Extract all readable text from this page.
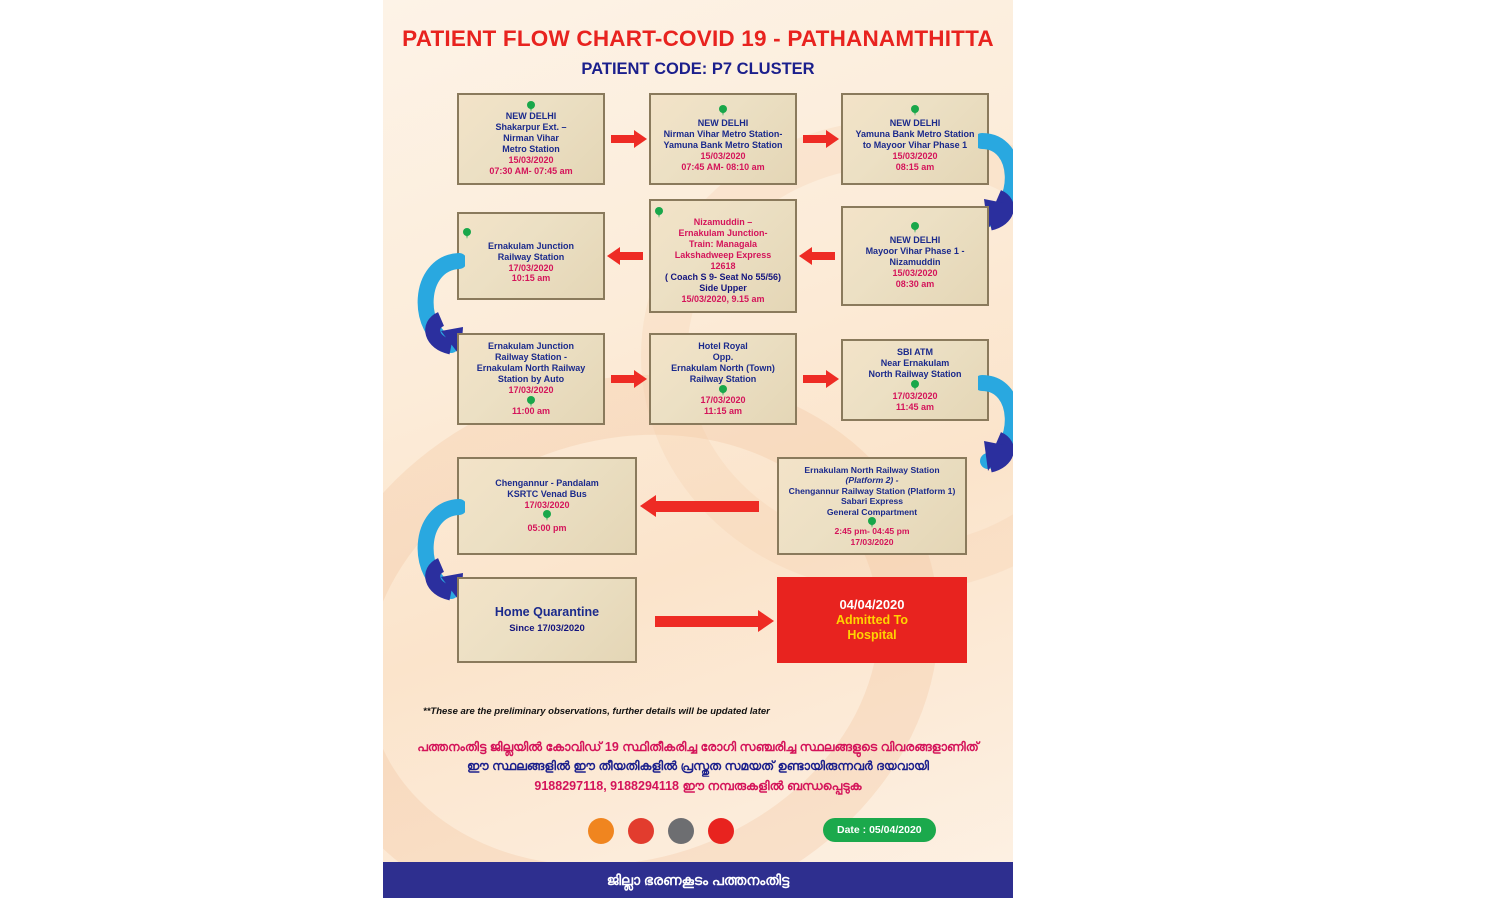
PATIENT FLOW CHART-COVID 19 - PATHANAMTHITTA
PATIENT CODE: P7 CLUSTER
NEW DELHI
Shakarpur Ext. –
Nirman Vihar
Metro Station
15/03/2020
07:30 AM- 07:45 am
NEW DELHI
Nirman Vihar Metro Station-
Yamuna Bank Metro Station
15/03/2020
07:45 AM- 08:10 am
NEW DELHI
Yamuna Bank Metro Station
to Mayoor Vihar Phase 1
15/03/2020
08:15 am
NEW DELHI
Mayoor Vihar Phase 1 -
Nizamuddin
15/03/2020
08:30 am
Nizamuddin –
Ernakulam Junction-
Train: Managala
Lakshadweep Express
12618
( Coach S 9- Seat No 55/56)
Side Upper
15/03/2020, 9.15 am
Ernakulam Junction
Railway Station
17/03/2020
10:15 am
Ernakulam Junction
Railway Station -
Ernakulam North Railway
Station by Auto
17/03/2020
11:00 am
Hotel Royal
Opp.
Ernakulam North (Town)
Railway Station
17/03/2020
11:15 am
SBI ATM
Near Ernakulam
North Railway Station
17/03/2020
11:45 am
Ernakulam North Railway Station
(Platform 2) -
Chengannur Railway Station (Platform 1)
Sabari Express
General Compartment
2:45 pm- 04:45 pm
17/03/2020
Chengannur - Pandalam
KSRTC Venad Bus
17/03/2020
05:00 pm
Home Quarantine
Since 17/03/2020
04/04/2020
Admitted To
Hospital
**These are the preliminary observations, further details will be updated later
പത്തനംതിട്ട ജില്ലയിൽ കോവിഡ് 19 സ്ഥിതീകരിച്ച രോഗി സഞ്ചരിച്ച സ്ഥലങ്ങളുടെ വിവരങ്ങളാണിത്
ഈ സ്ഥലങ്ങളിൽ ഈ തീയതികളിൽ പ്രസ്തുത സമയത് ഉണ്ടായിരുന്നവർ ദയവായി
9188297118, 9188294118 ഈ നമ്പരുകളിൽ ബന്ധപ്പെടുക
Date : 05/04/2020
ജില്ലാ ഭരണകൂടം പത്തനംതിട്ട
